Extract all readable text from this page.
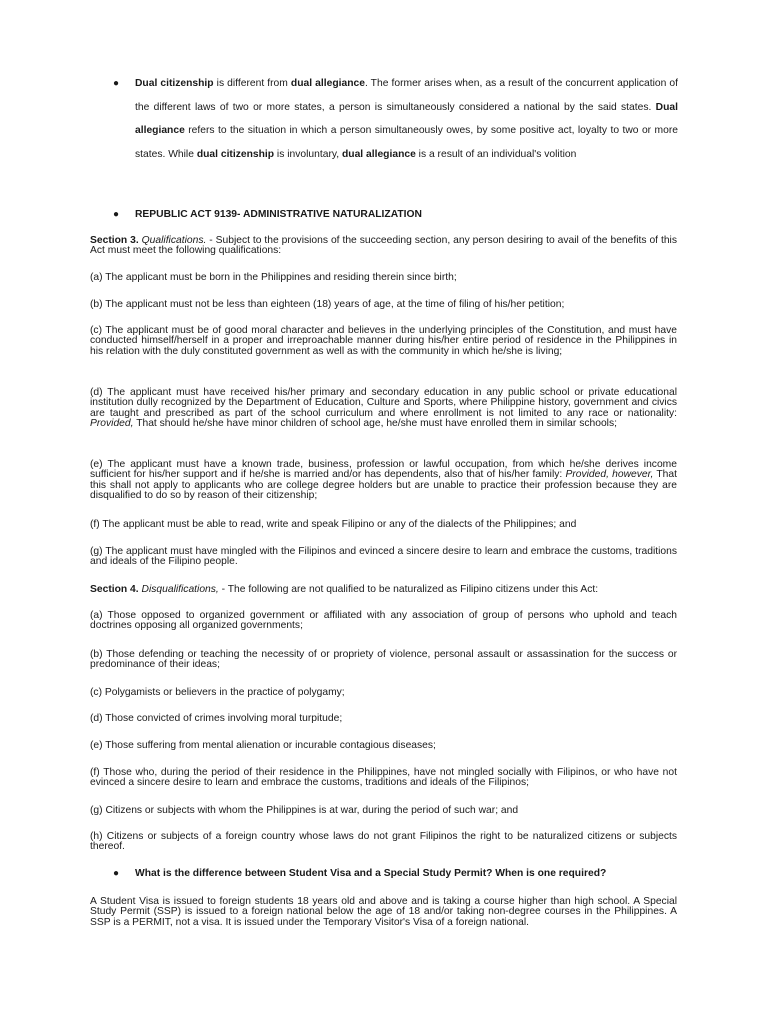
● Dual citizenship is different from dual allegiance. The former arises when, as a result of the concurrent application of the different laws of two or more states, a person is simultaneously considered a national by the said states. Dual allegiance refers to the situation in which a person simultaneously owes, by some positive act, loyalty to two or more states. While dual citizenship is involuntary, dual allegiance is a result of an individual's volition
● REPUBLIC ACT 9139- ADMINISTRATIVE NATURALIZATION

Section 3. Qualifications. - Subject to the provisions of the succeeding section, any person desiring to avail of the benefits of this Act must meet the following qualifications:

(a) The applicant must be born in the Philippines and residing therein since birth;

(b) The applicant must not be less than eighteen (18) years of age, at the time of filing of his/her petition;

(c) The applicant must be of good moral character and believes in the underlying principles of the Constitution, and must have conducted himself/herself in a proper and irreproachable manner during his/her entire period of residence in the Philippines in his relation with the duly constituted government as well as with the community in which he/she is living;

(d) The applicant must have received his/her primary and secondary education in any public school or private educational institution dully recognized by the Department of Education, Culture and Sports, where Philippine history, government and civics are taught and prescribed as part of the school curriculum and where enrollment is not limited to any race or nationality: Provided, That should he/she have minor children of school age, he/she must have enrolled them in similar schools;

(e) The applicant must have a known trade, business, profession or lawful occupation, from which he/she derives income sufficient for his/her support and if he/she is married and/or has dependents, also that of his/her family: Provided, however, That this shall not apply to applicants who are college degree holders but are unable to practice their profession because they are disqualified to do so by reason of their citizenship;

(f) The applicant must be able to read, write and speak Filipino or any of the dialects of the Philippines; and

(g) The applicant must have mingled with the Filipinos and evinced a sincere desire to learn and embrace the customs, traditions and ideals of the Filipino people.

Section 4. Disqualifications, - The following are not qualified to be naturalized as Filipino citizens under this Act:

(a) Those opposed to organized government or affiliated with any association of group of persons who uphold and teach doctrines opposing all organized governments;

(b) Those defending or teaching the necessity of or propriety of violence, personal assault or assassination for the success or predominance of their ideas;

(c) Polygamists or believers in the practice of polygamy;

(d) Those convicted of crimes involving moral turpitude;

(e) Those suffering from mental alienation or incurable contagious diseases;

(f) Those who, during the period of their residence in the Philippines, have not mingled socially with Filipinos, or who have not evinced a sincere desire to learn and embrace the customs, traditions and ideals of the Filipinos;

(g) Citizens or subjects with whom the Philippines is at war, during the period of such war; and

(h) Citizens or subjects of a foreign country whose laws do not grant Filipinos the right to be naturalized citizens or subjects thereof.

● What is the difference between Student Visa and a Special Study Permit? When is one required?

A Student Visa is issued to foreign students 18 years old and above and is taking a course higher than high school. A Special Study Permit (SSP) is issued to a foreign national below the age of 18 and/or taking non-degree courses in the Philippines. A SSP is a PERMIT, not a visa. It is issued under the Temporary Visitor's Visa of a foreign national.
